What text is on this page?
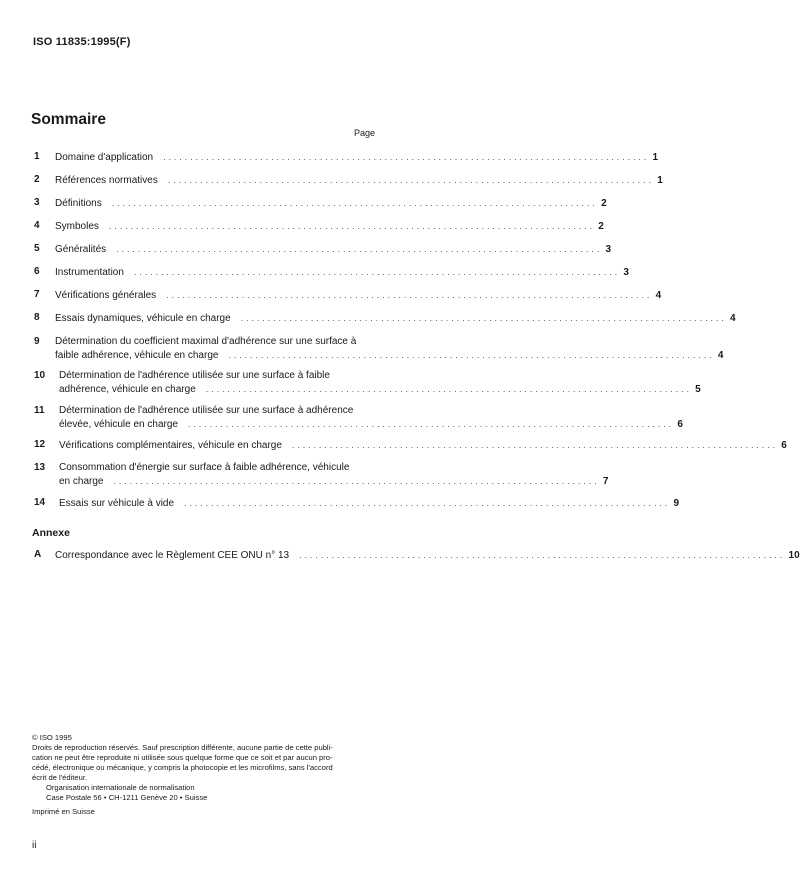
ISO 11835:1995(F)
Sommaire
Page
1 Domaine d'application . . . . . . . . . . . . . . . . . . . . . . . . . . . . . . . . . . . . . . . . . . . . . . . . . . . . . . . . . . . . . . . . . . . . . . . . . . . . . . . . . . . . . . . . . . 1
2 Références normatives . . . . . . . . . . . . . . . . . . . . . . . . . . . . . . . . . . . . . . . . . . . . . . . . . . . . . . . . . . . . . . . . . . . . . . . . . . . . . . . . . . . . . . . . . . 1
3 Définitions . . . . . . . . . . . . . . . . . . . . . . . . . . . . . . . . . . . . . . . . . . . . . . . . . . . . . . . . . . . . . . . . . . . . . . . . . . . . . . . . . . . . . . . . . . 2
4 Symboles . . . . . . . . . . . . . . . . . . . . . . . . . . . . . . . . . . . . . . . . . . . . . . . . . . . . . . . . . . . . . . . . . . . . . . . . . . . . . . . . . . . . . . . . . . 2
5 Généralités . . . . . . . . . . . . . . . . . . . . . . . . . . . . . . . . . . . . . . . . . . . . . . . . . . . . . . . . . . . . . . . . . . . . . . . . . . . . . . . . . . . . . . . . . . 3
6 Instrumentation . . . . . . . . . . . . . . . . . . . . . . . . . . . . . . . . . . . . . . . . . . . . . . . . . . . . . . . . . . . . . . . . . . . . . . . . . . . . . . . . . . . . . . . . . . 3
7 Vérifications générales . . . . . . . . . . . . . . . . . . . . . . . . . . . . . . . . . . . . . . . . . . . . . . . . . . . . . . . . . . . . . . . . . . . . . . . . . . . . . . . . . . . . . . . . . . 4
8 Essais dynamiques, véhicule en charge . . . . . . . . . . . . . . . . . . . . . . . . . . . . . . . . . . . . . . . . . . . . . . . . . . . . . . . . . . . . . . . . . . . . . . . . . . . . . . . . . . . . . . . . . . 4
9 Détermination du coefficient maximal d'adhérence sur une surface à
faible adhérence, véhicule en charge . . . . . . . . . . . . . . . . . . . . . . . . . . . . . . . . . . . . . . . . . . . . . . . . . . . . . . . . . . . . . . . . . . . . . . . . . . . . . . . . . . . . . . . . . . 4
10 Détermination de l'adhérence utilisée sur une surface à faible
adhérence, véhicule en charge . . . . . . . . . . . . . . . . . . . . . . . . . . . . . . . . . . . . . . . . . . . . . . . . . . . . . . . . . . . . . . . . . . . . . . . . . . . . . . . . . . . . . . . . . . 5
11 Détermination de l'adhérence utilisée sur une surface à adhérence
élevée, véhicule en charge . . . . . . . . . . . . . . . . . . . . . . . . . . . . . . . . . . . . . . . . . . . . . . . . . . . . . . . . . . . . . . . . . . . . . . . . . . . . . . . . . . . . . . . . . . 6
12 Vérifications complémentaires, véhicule en charge . . . . . . . . . . . . . . . . . . . . . . . . . . . . . . . . . . . . . . . . . . . . . . . . . . . . . . . . . . . . . . . . . . . . . . . . . . . . . . . . . . . . . . . . . . 6
13 Consommation d'énergie sur surface à faible adhérence, véhicule
en charge . . . . . . . . . . . . . . . . . . . . . . . . . . . . . . . . . . . . . . . . . . . . . . . . . . . . . . . . . . . . . . . . . . . . . . . . . . . . . . . . . . . . . . . . . . 7
14 Essais sur véhicule à vide . . . . . . . . . . . . . . . . . . . . . . . . . . . . . . . . . . . . . . . . . . . . . . . . . . . . . . . . . . . . . . . . . . . . . . . . . . . . . . . . . . . . . . . . . . 9
Annexe
A Correspondance avec le Règlement CEE ONU n° 13 . . . . . . . . . . . . . . . . . . . . . . . . . . . . . . . . . . . . . . . . . . . . . . . . . . . . . . . . . . . . . . . . . . . . . . . . . . . . . . . . . . . . . . . . . . 10

© ISO 1995

Droits de reproduction réservés. Sauf prescription différente, aucune partie de cette publi-

cation ne peut être reproduite ni utilisée sous quelque forme que ce soit et par aucun pro-

cédé, électronique ou mécanique, y compris la photocopie et les microfilms, sans l'accord

écrit de l'éditeur.

Organisation internationale de normalisation

Case Postale 56 • CH-1211 Genève 20 • Suisse

Imprimé en Suisse

ii
